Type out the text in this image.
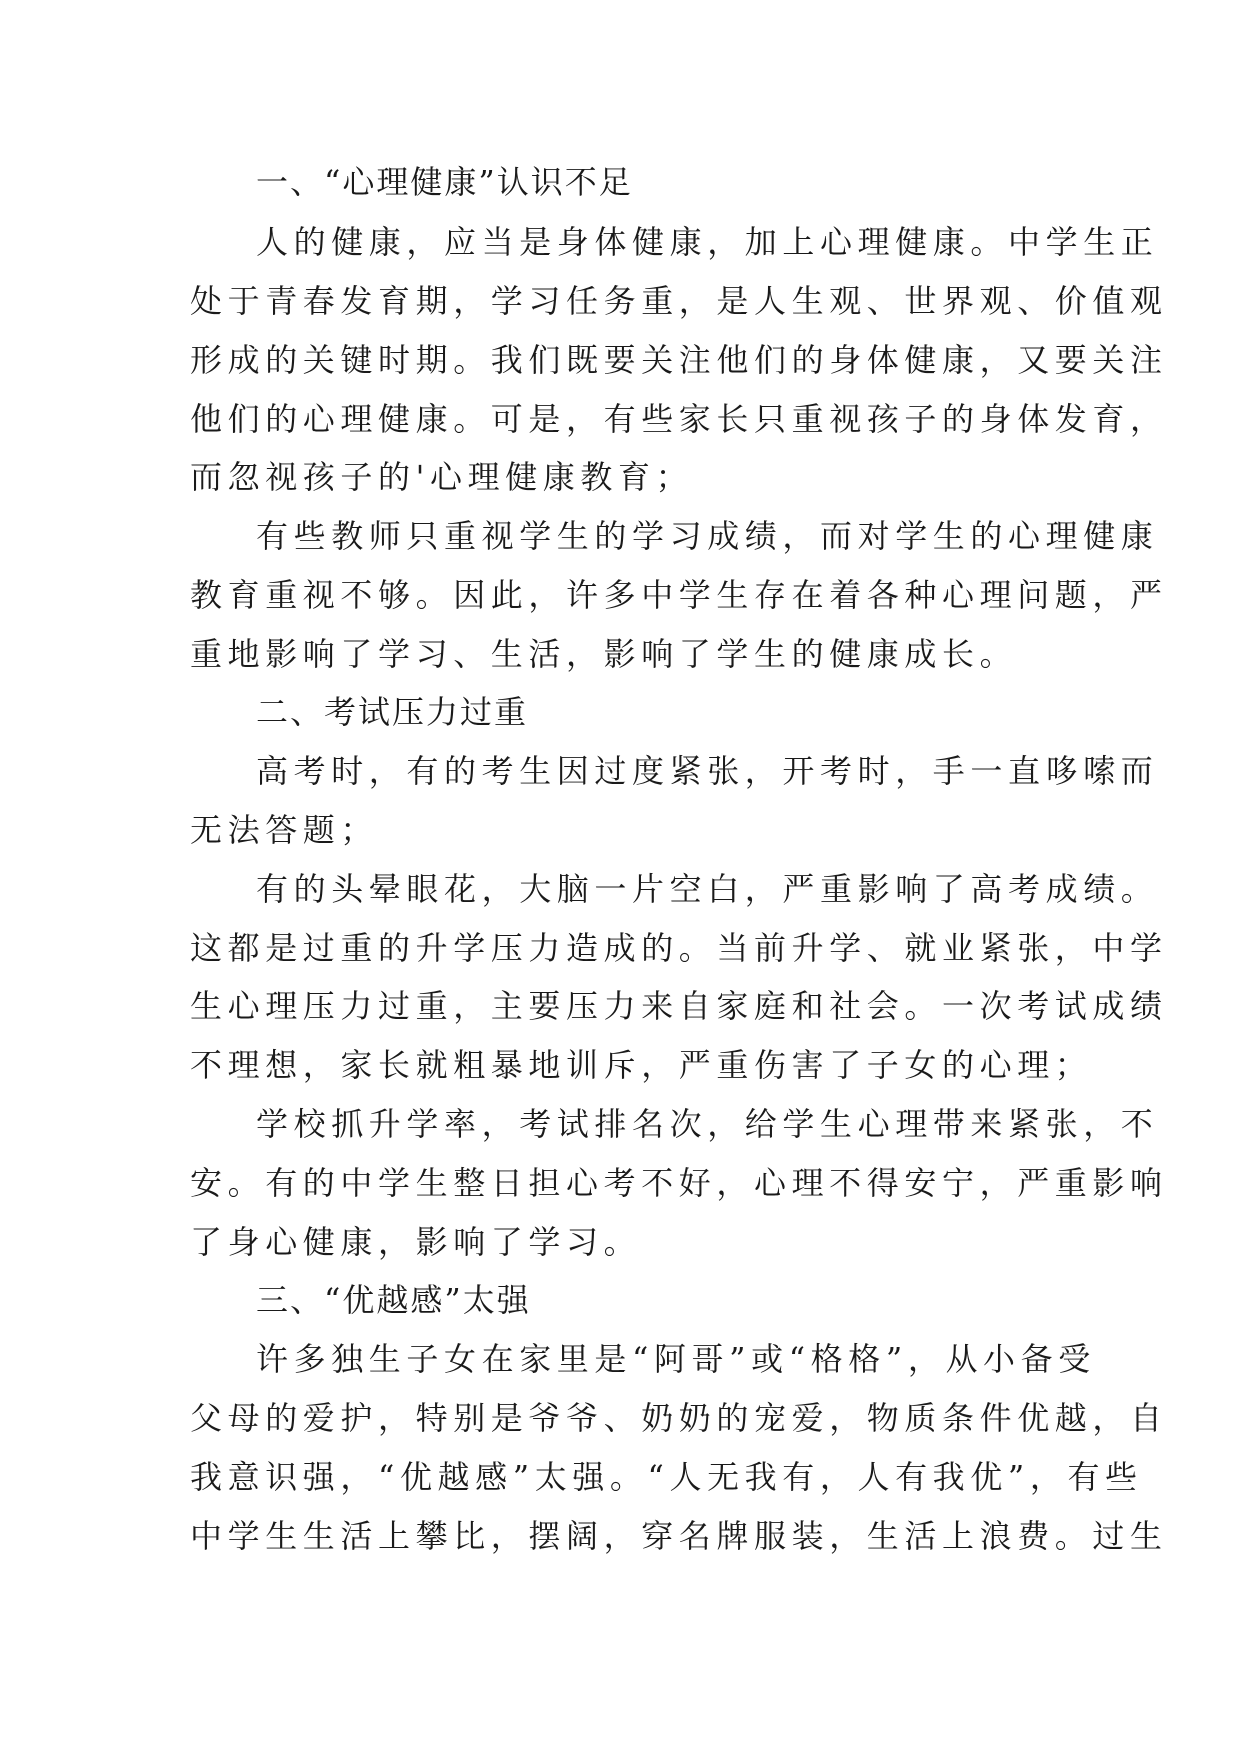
一、“心理健康”认识不足

人的健康，应当是身体健康，加上心理健康。中学生正

处于青春发育期，学习任务重，是人生观、世界观、价值观

形成的关键时期。我们既要关注他们的身体健康，又要关注

他们的心理健康。可是，有些家长只重视孩子的身体发育，

而忽视孩子的'心理健康教育；

有些教师只重视学生的学习成绩，而对学生的心理健康

教育重视不够。因此，许多中学生存在着各种心理问题，严

重地影响了学习、生活，影响了学生的健康成长。

二、考试压力过重

高考时，有的考生因过度紧张，开考时，手一直哆嗦而

无法答题；

有的头晕眼花，大脑一片空白，严重影响了高考成绩。

这都是过重的升学压力造成的。当前升学、就业紧张，中学

生心理压力过重，主要压力来自家庭和社会。一次考试成绩

不理想，家长就粗暴地训斥，严重伤害了子女的心理；

学校抓升学率，考试排名次，给学生心理带来紧张，不

安。有的中学生整日担心考不好，心理不得安宁，严重影响

了身心健康，影响了学习。

三、“优越感”太强

许多独生子女在家里是“阿哥”或“格格”，从小备受

父母的爱护，特别是爷爷、奶奶的宠爱，物质条件优越，自

我意识强，“优越感”太强。“人无我有，人有我优”，有些

中学生生活上攀比，摆阔，穿名牌服装，生活上浪费。过生
